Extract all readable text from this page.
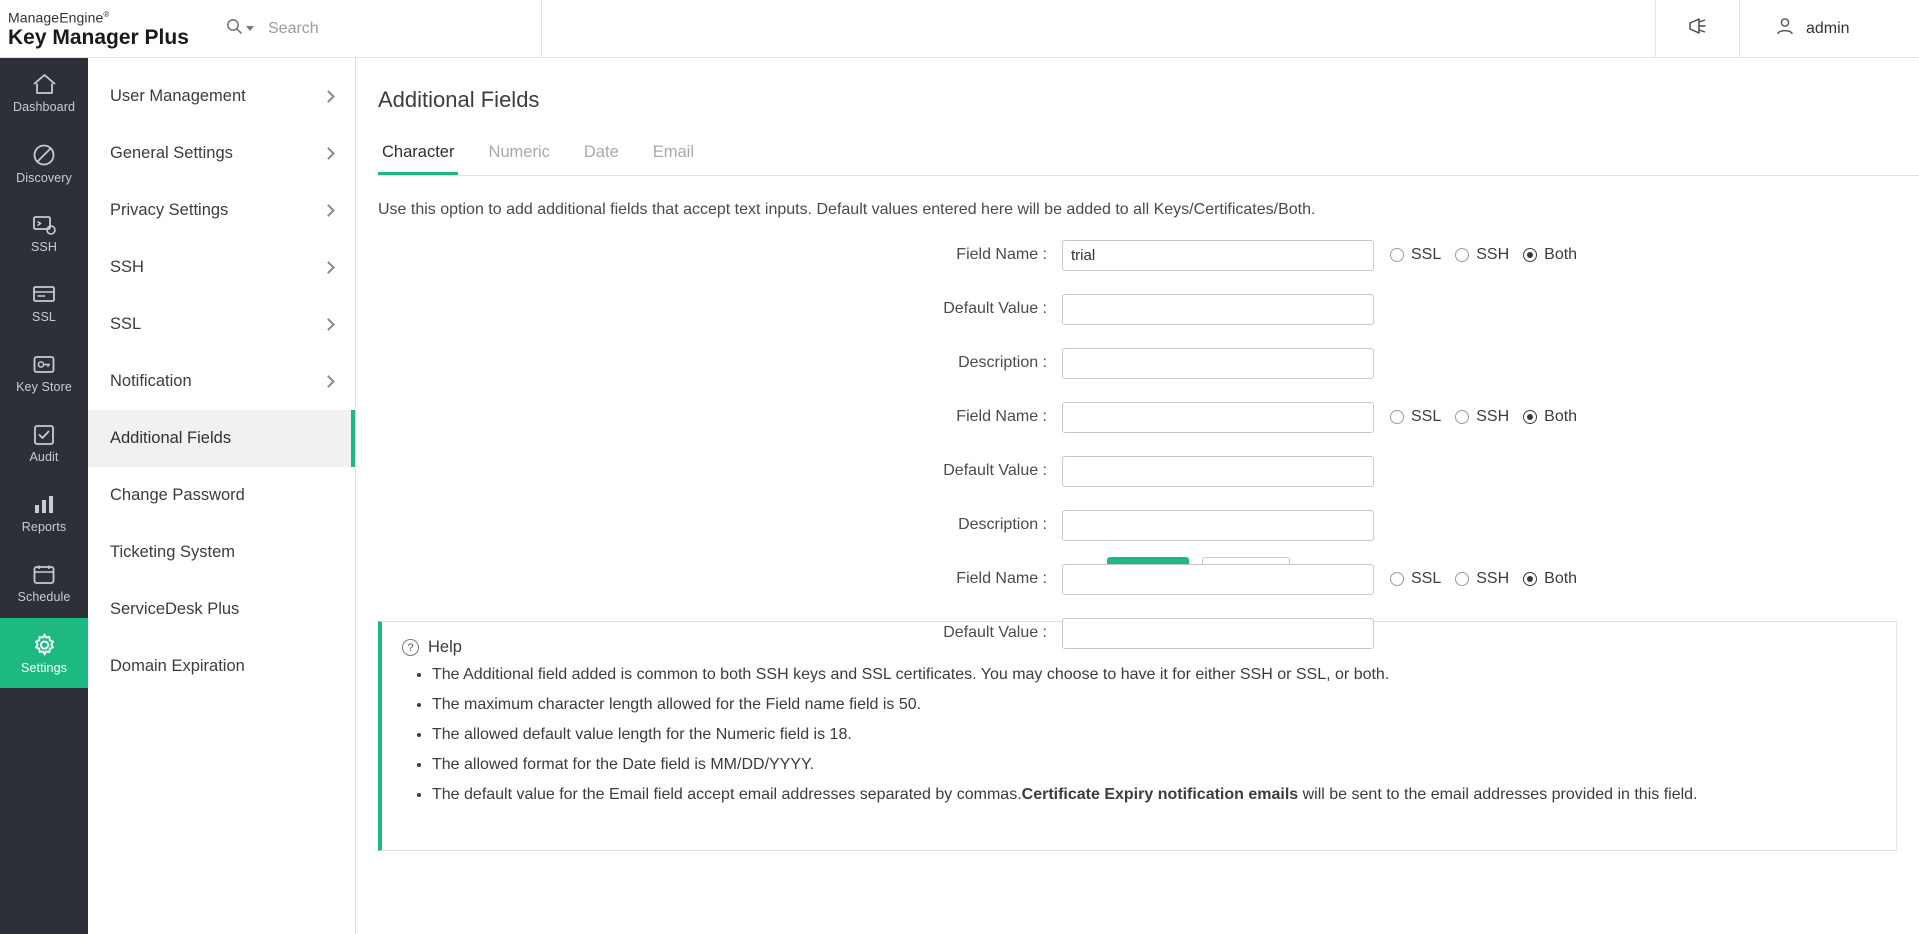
ManageEngine®
Key Manager Plus
Search	admin
Dashboard
Discovery
SSH
SSL
Key Store
Audit
Reports
Schedule
Settings
User Management
General Settings
Privacy Settings
SSH
SSL
Notification
Additional Fields
Change Password
Ticketing System
ServiceDesk Plus
Domain Expiration
Additional Fields
Character Numeric Date Email
Use this option to add additional fields that accept text inputs. Default values entered here will be added to all Keys/Certificates/Both.
Field Name :
trial	SSL SSH Both
Default Value :
Description :
Field Name :	SSL SSH Both
Default Value :
Description :
Field Name :	SSL SSH Both
Default Value :
? Help
• The Additional field added is common to both SSH keys and SSL certificates. You may choose to have it for either SSH or SSL, or both.
• The maximum character length allowed for the Field name field is 50.
• The allowed default value length for the Numeric field is 18.
• The allowed format for the Date field is MM/DD/YYYY.
• The default value for the Email field accept email addresses separated by commas.Certificate Expiry notification emails will be sent to the email addresses provided in this field.
